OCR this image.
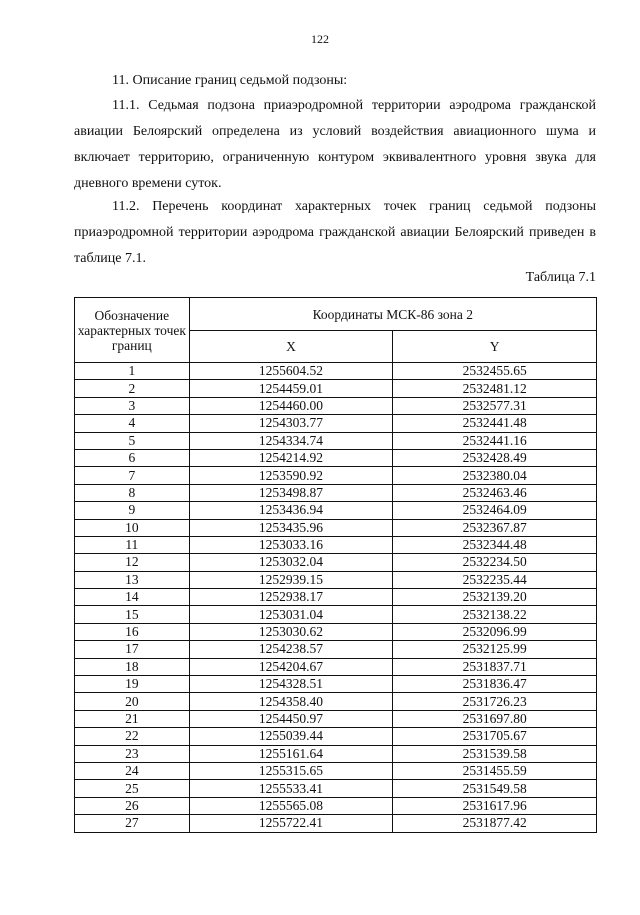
122
11. Описание границ седьмой подзоны:
11.1. Седьмая подзона приаэродромной территории аэродрома гражданской авиации Белоярский определена из условий воздействия авиационного шума и включает территорию, ограниченную контуром эквивалентного уровня звука для дневного времени суток.
11.2. Перечень координат характерных точек границ седьмой подзоны приаэродромной территории аэродрома гражданской авиации Белоярский приведен в таблице 7.1.
Таблица 7.1
Обозначение характерных точек границ	Координаты МСК-86 зона 2	
	X	Y
1	1255604.52	2532455.65
2	1254459.01	2532481.12
3	1254460.00	2532577.31
4	1254303.77	2532441.48
5	1254334.74	2532441.16
6	1254214.92	2532428.49
7	1253590.92	2532380.04
8	1253498.87	2532463.46
9	1253436.94	2532464.09
10	1253435.96	2532367.87
11	1253033.16	2532344.48
12	1253032.04	2532234.50
13	1252939.15	2532235.44
14	1252938.17	2532139.20
15	1253031.04	2532138.22
16	1253030.62	2532096.99
17	1254238.57	2532125.99
18	1254204.67	2531837.71
19	1254328.51	2531836.47
20	1254358.40	2531726.23
21	1254450.97	2531697.80
22	1255039.44	2531705.67
23	1255161.64	2531539.58
24	1255315.65	2531455.59
25	1255533.41	2531549.58
26	1255565.08	2531617.96
27	1255722.41	2531877.42
